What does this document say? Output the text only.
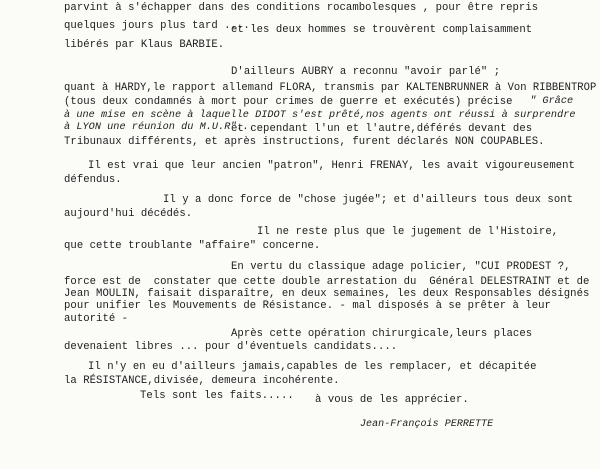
parvint à s'échapper dans des conditions rocambolesques , pour être repris
quelques jours plus tard ....
et les deux hommes se trouvèrent complaisamment
libérés par Klaus BARBIE.
D'ailleurs AUBRY a reconnu "avoir parlé" ;
quant à HARDY,le rapport allemand FLORA, transmis par KALTENBRUNNER à Von RIBBENTROP
(tous deux condamnés à mort pour crimes de guerre et exécutés) précise " Grâce
à une mise en scène à laquelle DIDOT s'est prêté,nos agents ont réussi à surprendre
à LYON une réunion du M.U.R"...
et cependant l'un et l'autre,déférés devant des
Tribunaux différents, et après instructions, furent déclarés NON COUPABLES.
Il est vrai que leur ancien "patron", Henri FRENAY, les avait vigoureusement
défendus.
Il y a donc force de "chose jugée"; et d'ailleurs tous deux sont
aujourd'hui décédés.
Il ne reste plus que le jugement de l'Histoire,
que cette troublante "affaire" concerne.
En vertu du classique adage policier, "CUI PRODEST ?,
force est de  constater que cette double arrestation du  Général DELESTRAINT et de
Jean MOULIN, faisait disparaître, en deux semaines, les deux Responsables désignés
pour unifier les Mouvements de Résistance. - mal disposés à se prêter à leur
autorité -
Après cette opération chirurgicale,leurs places
devenaient libres ... pour d'éventuels candidats....
Il n'y en eu d'ailleurs jamais,capables de les remplacer, et décapitée
la RÉSISTANCE,divisée, demeura incohérente.
Tels sont les faits..... à vous de les apprécier.
Jean-François PERRETTE
